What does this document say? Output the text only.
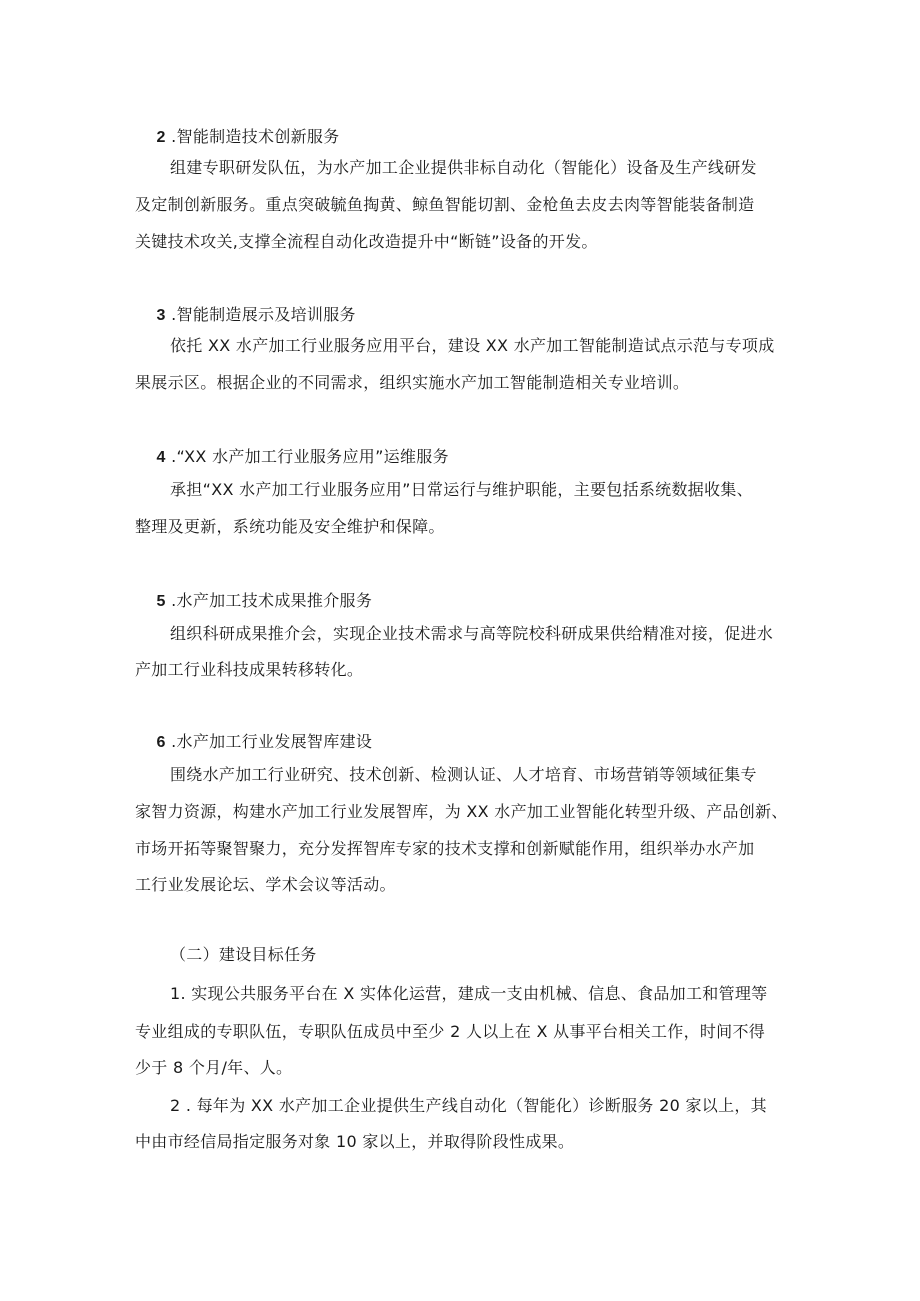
2 .智能制造技术创新服务

组建专职研发队伍，为水产加工企业提供非标自动化（智能化）设备及生产线研发
及定制创新服务。重点突破毓鱼掏黄、鲸鱼智能切割、金枪鱼去皮去肉等智能装备制造
关键技术攻关,支撑全流程自动化改造提升中“断链”设备的开发。

3 .智能制造展示及培训服务

依托 XX 水产加工行业服务应用平台，建设 XX 水产加工智能制造试点示范与专项成
果展示区。根据企业的不同需求，组织实施水产加工智能制造相关专业培训。

4 .“XX 水产加工行业服务应用”运维服务

承担“XX 水产加工行业服务应用”日常运行与维护职能，主要包括系统数据收集、
整理及更新，系统功能及安全维护和保障。

5 .水产加工技术成果推介服务

组织科研成果推介会，实现企业技术需求与高等院校科研成果供给精准对接，促进水
产加工行业科技成果转移转化。

6 .水产加工行业发展智库建设

围绕水产加工行业研究、技术创新、检测认证、人才培育、市场营销等领域征集专
家智力资源，构建水产加工行业发展智库，为 XX 水产加工业智能化转型升级、产品创新、
市场开拓等聚智聚力，充分发挥智库专家的技术支撑和创新赋能作用，组织举办水产加
工行业发展论坛、学术会议等活动。
（二）建设目标任务
1. 实现公共服务平台在 X 实体化运营，建成一支由机械、信息、食品加工和管理等
专业组成的专职队伍，专职队伍成员中至少 2 人以上在 X 从事平台相关工作，时间不得
少于 8 个月/年、人。
2 . 每年为 XX 水产加工企业提供生产线自动化（智能化）诊断服务 20 家以上，其
中由市经信局指定服务对象 10 家以上，并取得阶段性成果。
